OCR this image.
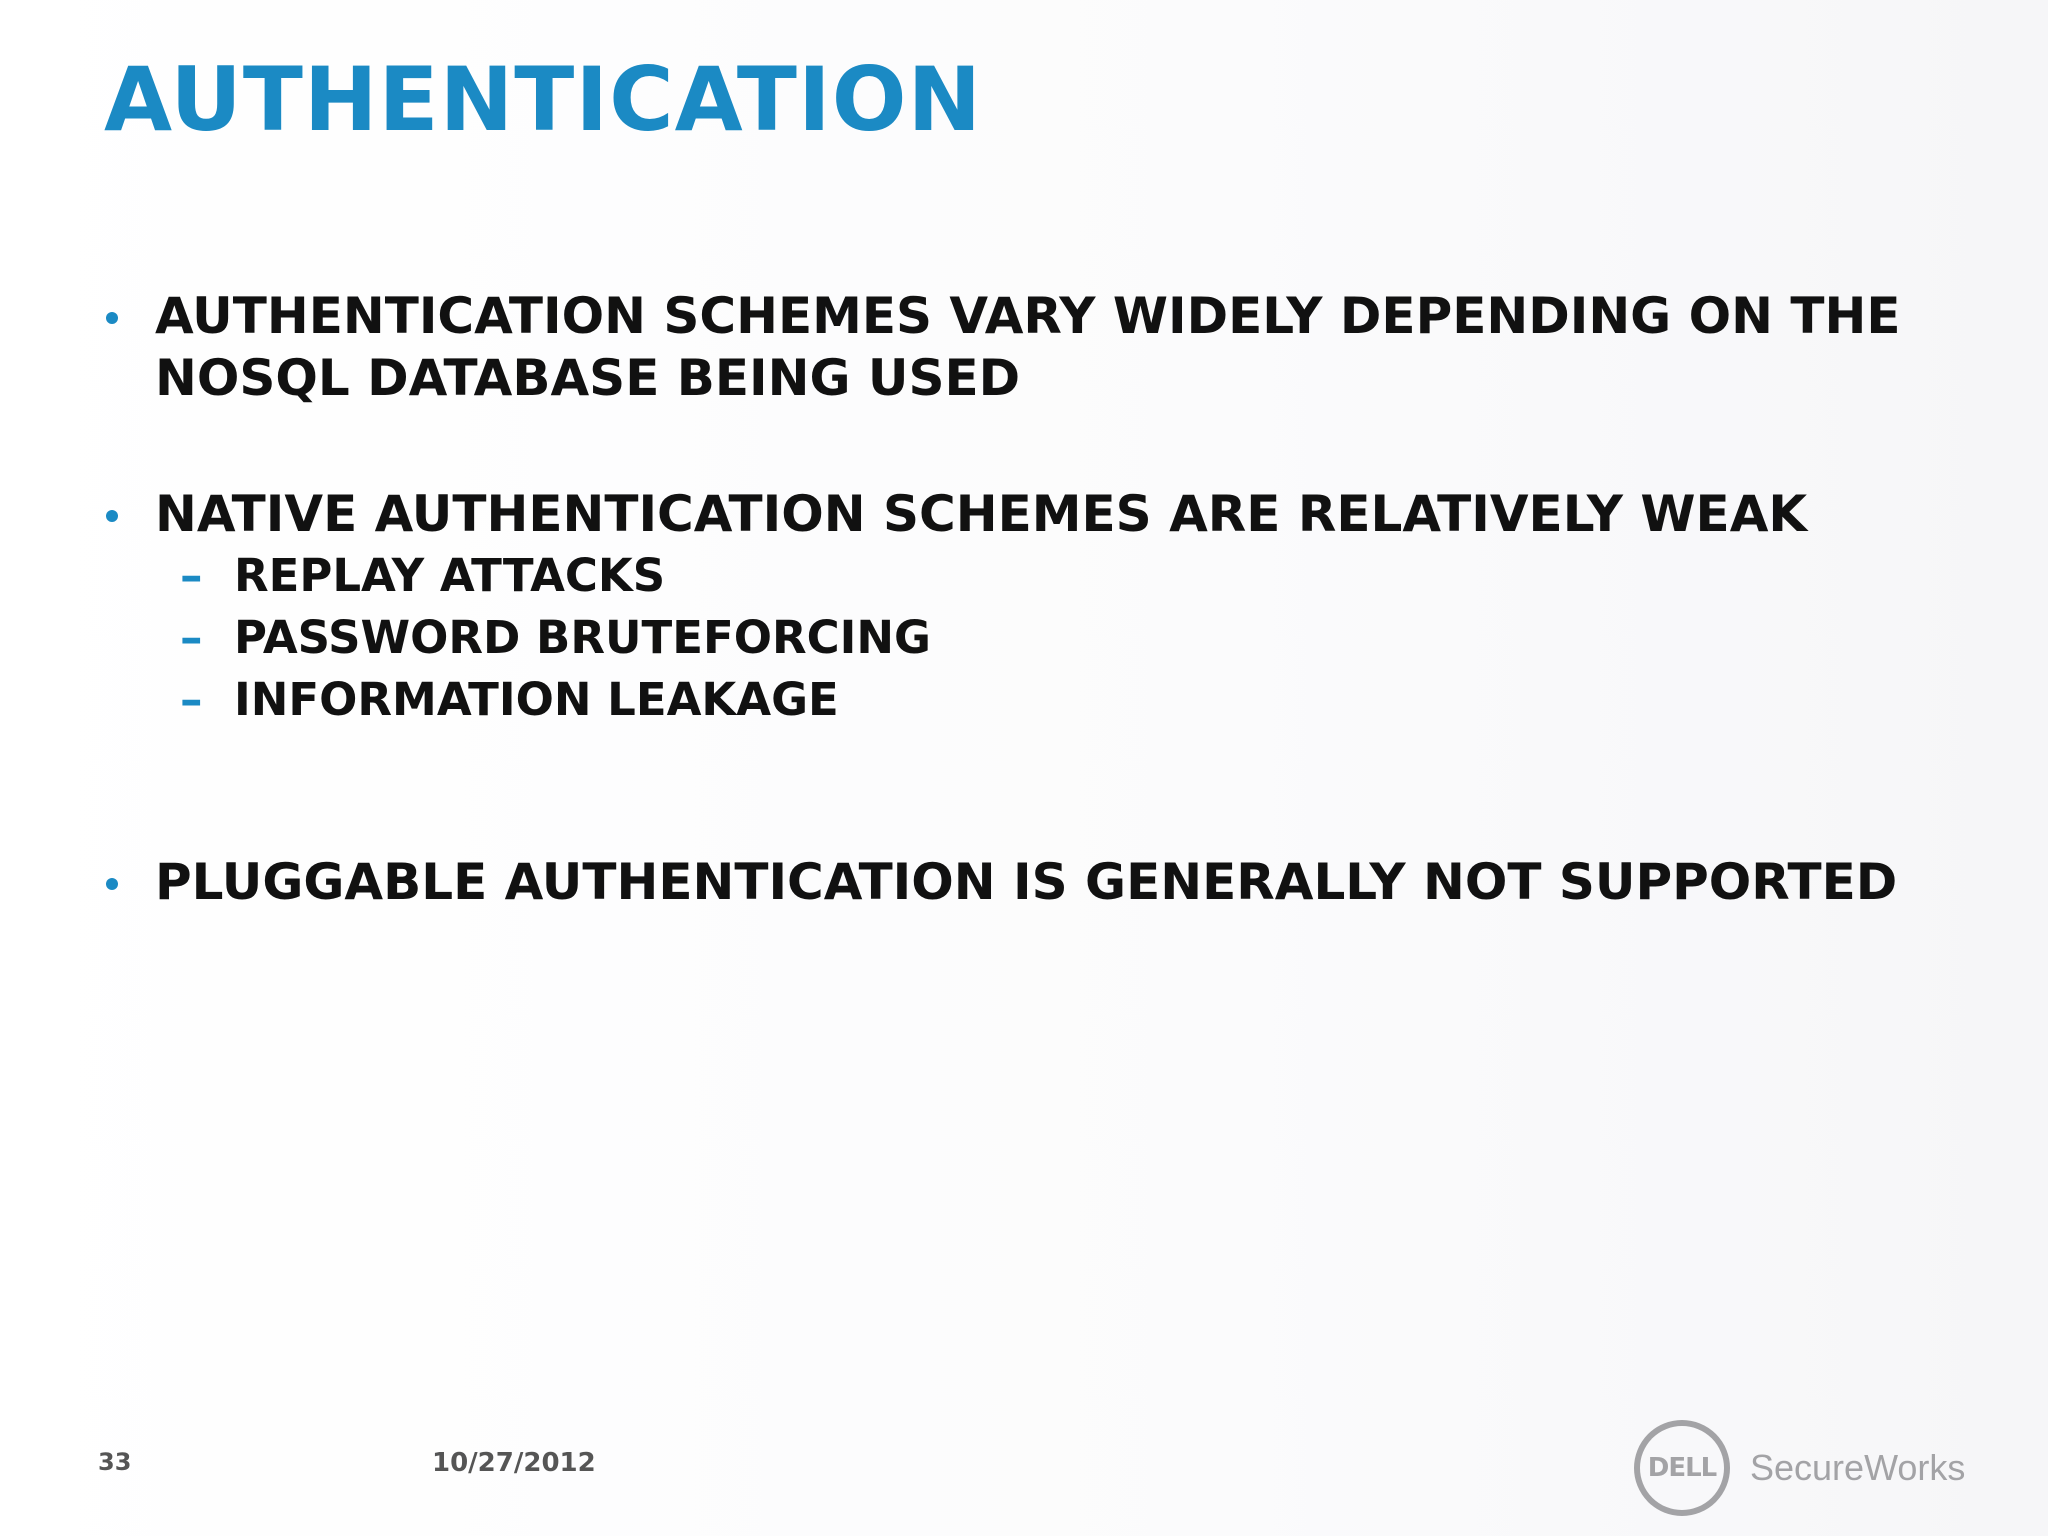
AUTHENTICATION
AUTHENTICATION SCHEMES VARY WIDELY DEPENDING ON THE NOSQL DATABASE BEING USED
NATIVE AUTHENTICATION SCHEMES ARE RELATIVELY WEAK
– REPLAY ATTACKS
– PASSWORD BRUTEFORCING
– INFORMATION LEAKAGE
PLUGGABLE AUTHENTICATION IS GENERALLY NOT SUPPORTED
33	10/27/2012	DELL SecureWorks
